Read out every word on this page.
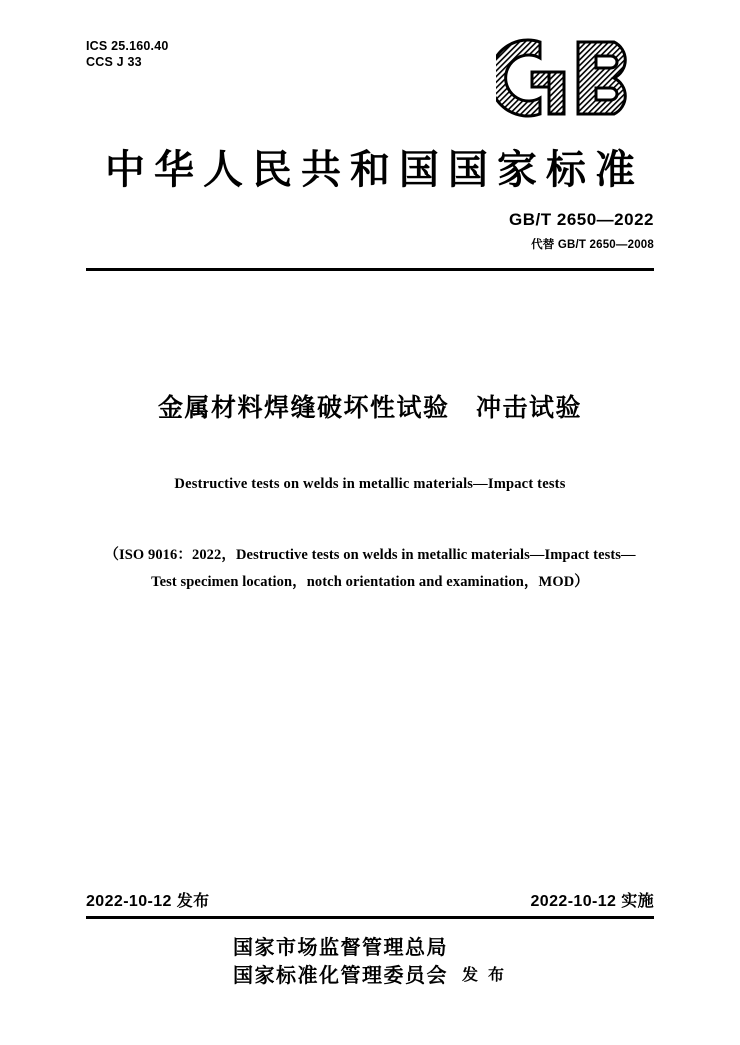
ICS 25.160.40
CCS J 33
中华人民共和国国家标准
GB/T 2650—2022
代替 GB/T 2650—2008
金属材料焊缝破坏性试验　冲击试验
Destructive tests on welds in metallic materials—Impact tests
（ISO 9016：2022，Destructive tests on welds in metallic materials—Impact tests—
Test specimen location，notch orientation and examination，MOD）
2022-10-12 发布	2022-10-12 实施
国家市场监督管理总局
国家标准化管理委员会 发 布
